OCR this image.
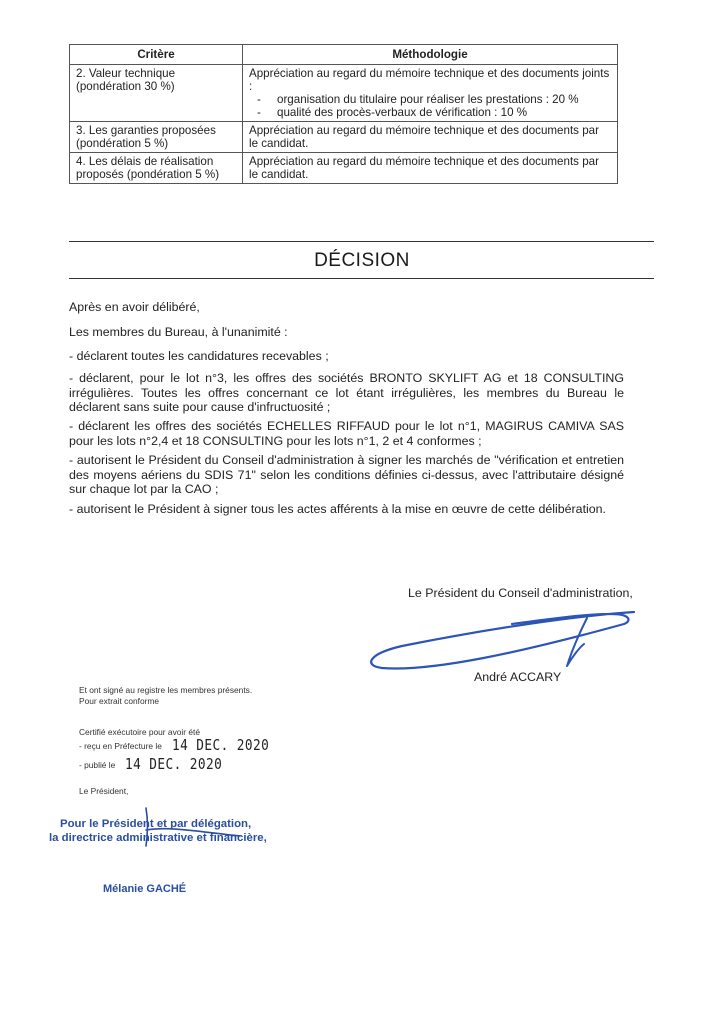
Critère	Méthodologie
2. Valeur technique (pondération 30 %)	Appréciation au regard du mémoire technique et des documents joints :
- organisation du titulaire pour réaliser les prestations : 20 %
- qualité des procès-verbaux de vérification : 10 %

3. Les garanties proposées (pondération 5 %)	Appréciation au regard du mémoire technique et des documents par le candidat.
4. Les délais de réalisation proposés (pondération 5 %)	Appréciation au regard du mémoire technique et des documents par le candidat.
DÉCISION

Après en avoir délibéré,

Les membres du Bureau, à l'unanimité :

- déclarent toutes les candidatures recevables ;

- déclarent, pour le lot n°3, les offres des sociétés BRONTO SKYLIFT AG et 18 CONSULTING irrégulières. Toutes les offres concernant ce lot étant irrégulières, les membres du Bureau le déclarent sans suite pour cause d'infructuosité ;

- déclarent les offres des sociétés ECHELLES RIFFAUD pour le lot n°1, MAGIRUS CAMIVA SAS pour les lots n°2,4 et 18 CONSULTING pour les lots n°1, 2 et 4 conformes ;

- autorisent le Président du Conseil d'administration à signer les marchés de "vérification et entretien des moyens aériens du SDIS 71" selon les conditions définies ci-dessus, avec l'attributaire désigné sur chaque lot par la CAO ;

- autorisent le Président à signer tous les actes afférents à la mise en œuvre de cette délibération.

Le Président du Conseil d'administration,
André ACCARY
Et ont signé au registre les membres présents.
Pour extrait conforme
Certifié exécutoire pour avoir été
- reçu en Préfecture le 14 DEC. 2020
- publié le 14 DEC. 2020
Le Président,
Pour le Président et par délégation,
la directrice administrative et financière,
Mélanie GACHÉ
